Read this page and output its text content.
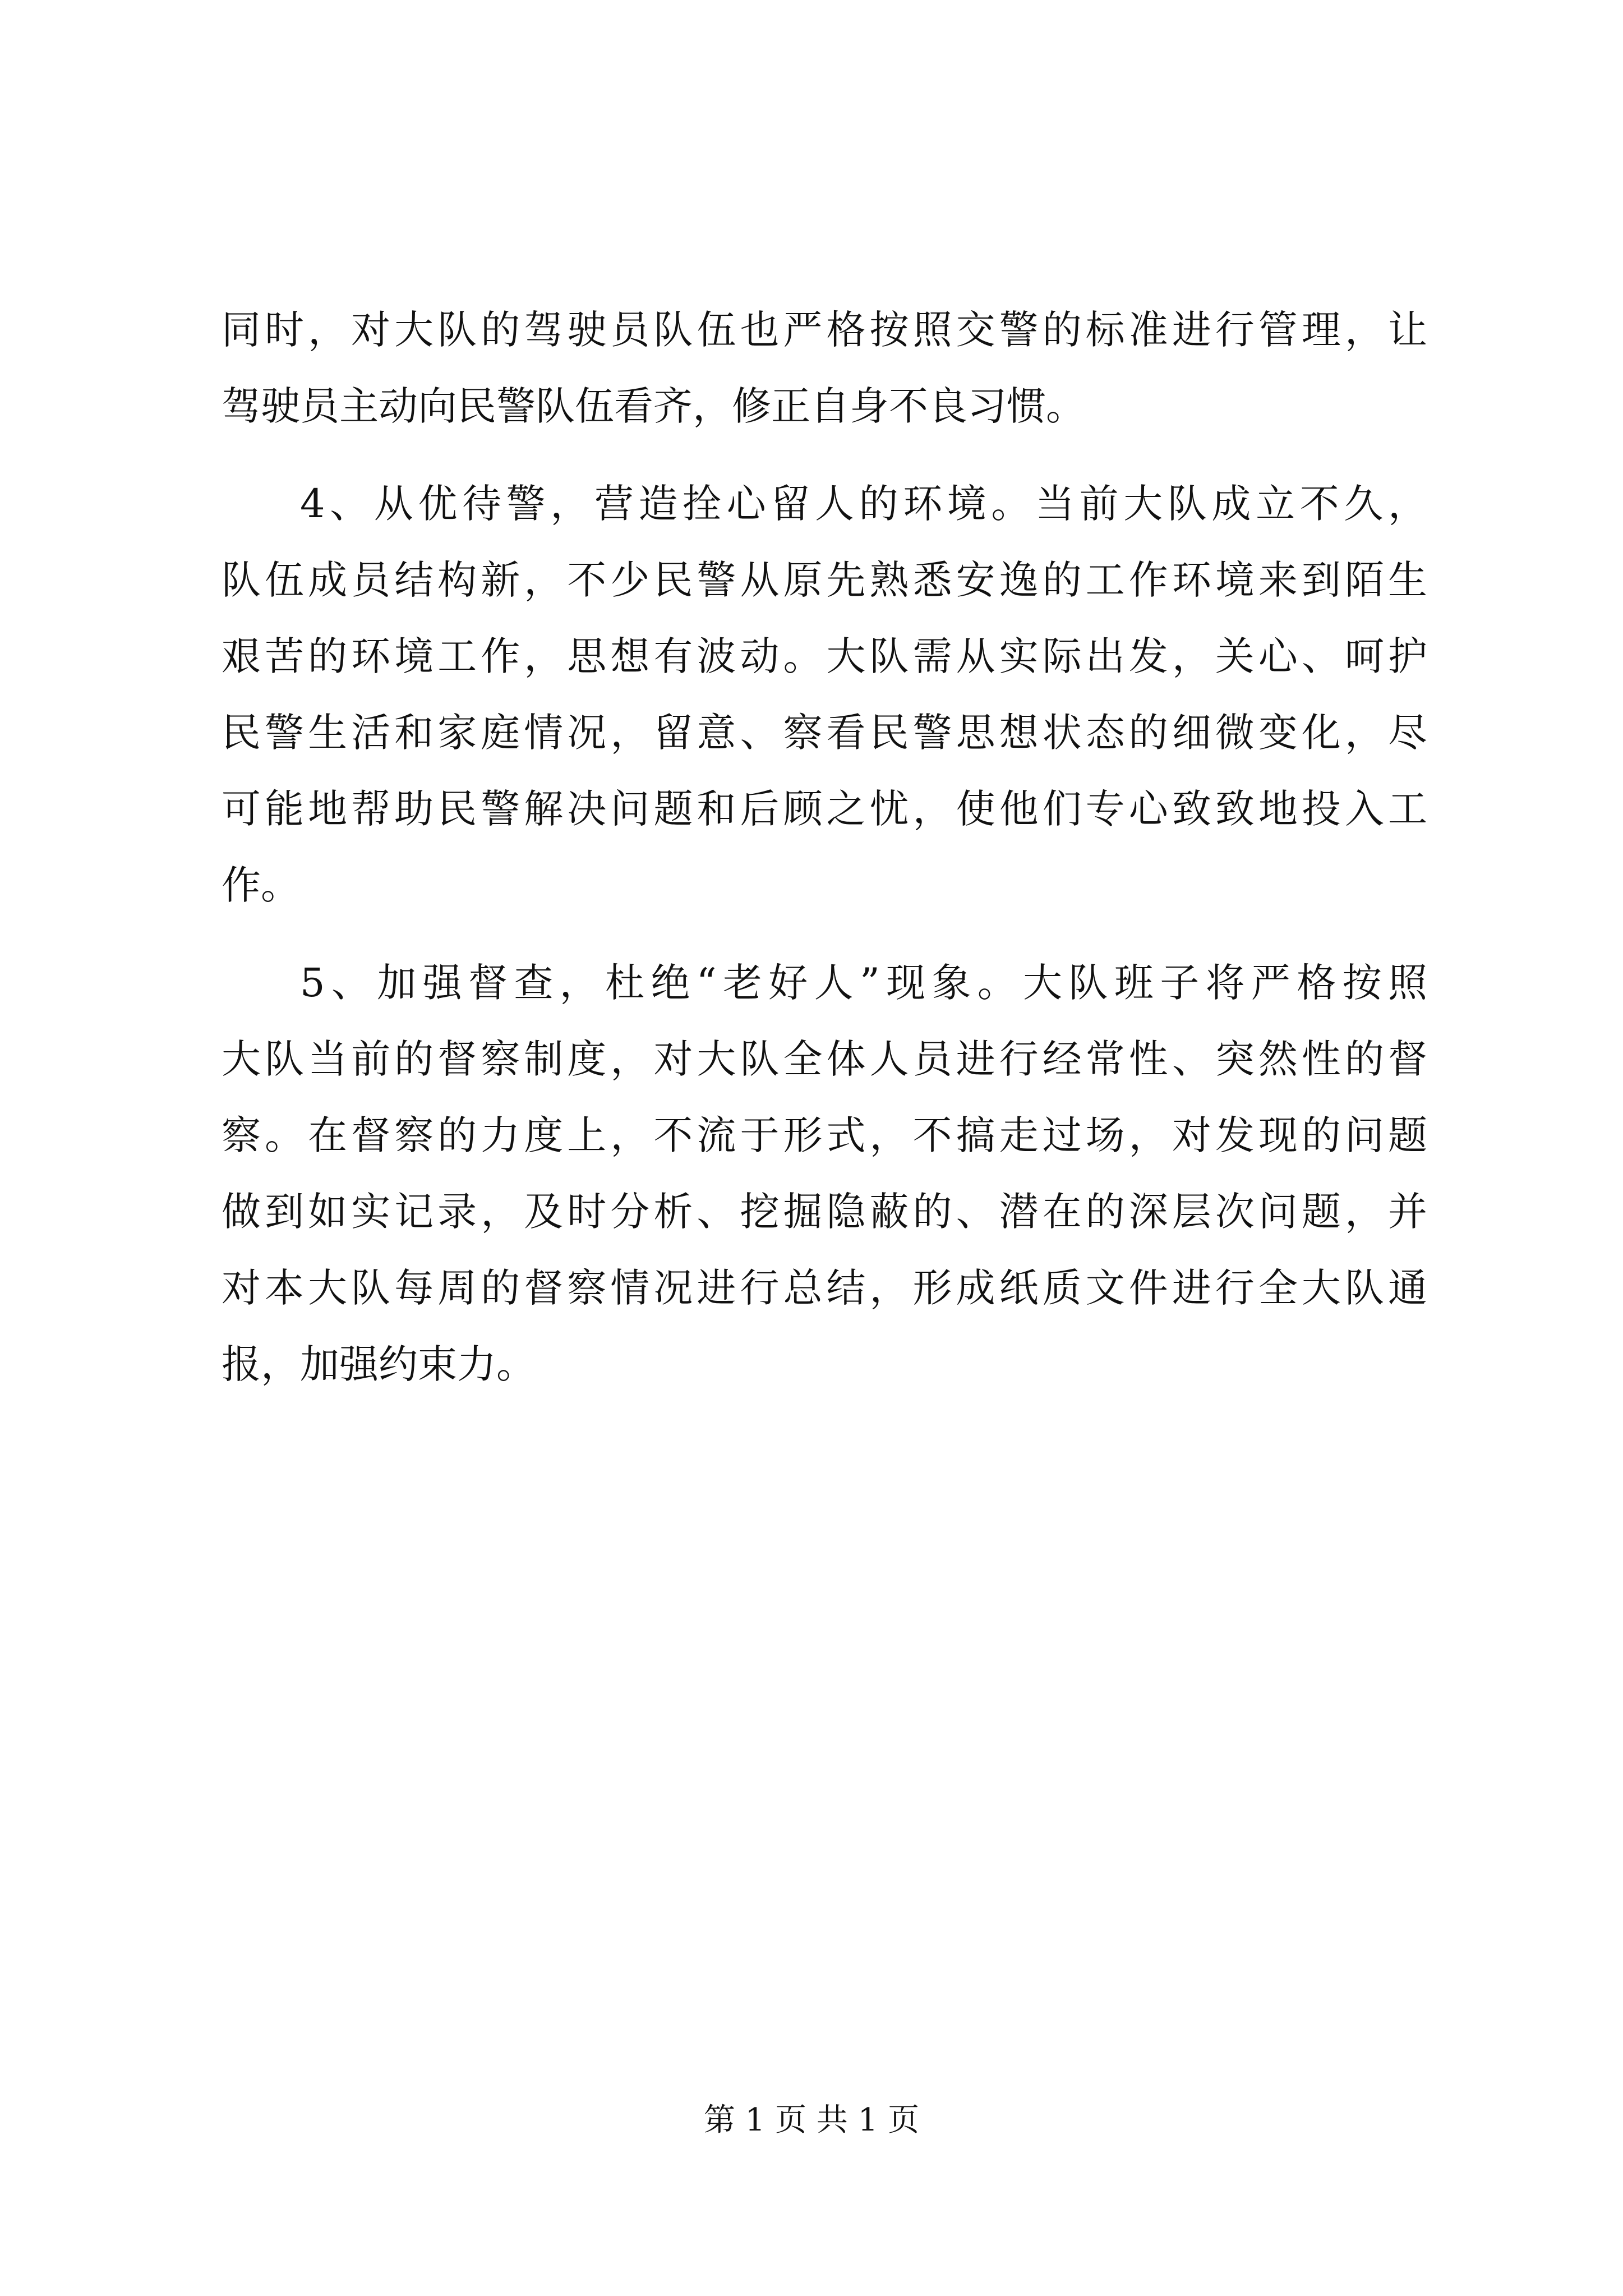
同时，对大队的驾驶员队伍也严格按照交警的标准进行管理，让
驾驶员主动向民警队伍看齐，修正自身不良习惯。
4、从优待警，营造拴心留人的环境。当前大队成立不久，
队伍成员结构新，不少民警从原先熟悉安逸的工作环境来到陌生
艰苦的环境工作，思想有波动。大队需从实际出发，关心、呵护
民警生活和家庭情况，留意、察看民警思想状态的细微变化，尽
可能地帮助民警解决问题和后顾之忧，使他们专心致致地投入工
作。
5、加强督查，杜绝“老好人”现象。大队班子将严格按照
大队当前的督察制度，对大队全体人员进行经常性、突然性的督
察。在督察的力度上，不流于形式，不搞走过场，对发现的问题
做到如实记录，及时分析、挖掘隐蔽的、潜在的深层次问题，并
对本大队每周的督察情况进行总结，形成纸质文件进行全大队通
报，加强约束力。
第 1 页 共 1 页
